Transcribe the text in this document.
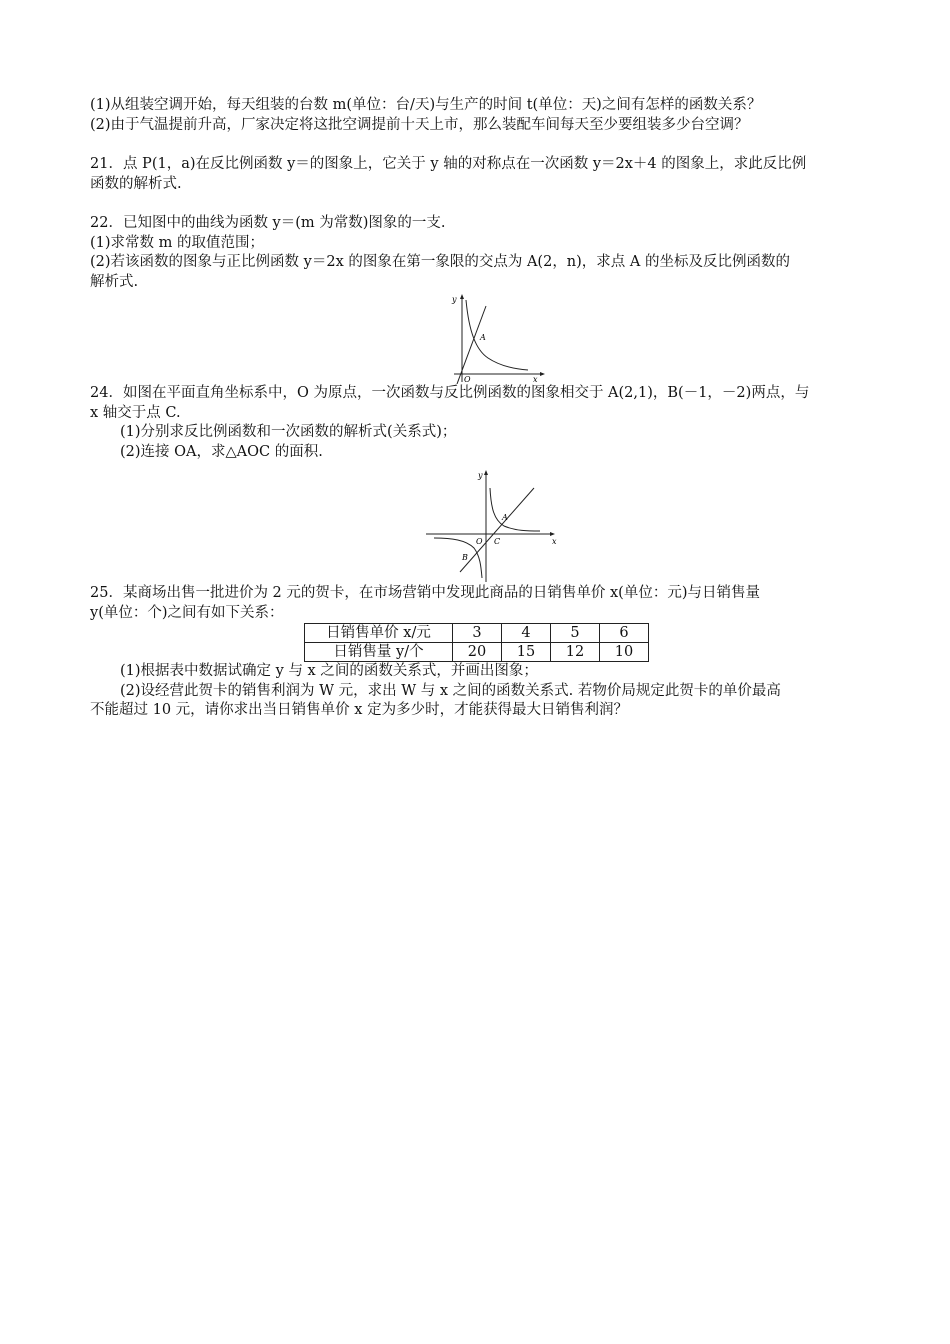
(1)从组装空调开始，每天组装的台数 m(单位：台/天)与生产的时间 t(单位：天)之间有怎样的函数关系？

(2)由于气温提前升高，厂家决定将这批空调提前十天上市，那么装配车间每天至少要组装多少台空调？

21．点 P(1，a)在反比例函数 y＝的图象上，它关于 y 轴的对称点在一次函数 y＝2x＋4 的图象上，求此反比例

函数的解析式.

22．已知图中的曲线为函数 y＝(m 为常数)图象的一支.

(1)求常数 m 的取值范围；

(2)若该函数的图象与正比例函数 y＝2x 的图象在第一象限的交点为 A(2，n)，求点 A 的坐标及反比例函数的

解析式.

y
x
O
A

24．如图在平面直角坐标系中，O 为原点，一次函数与反比例函数的图象相交于 A(2,1)，B(－1，－2)两点，与

x 轴交于点 C.

(1)分别求反比例函数和一次函数的解析式(关系式)；

(2)连接 OA，求△AOC 的面积.

y
x
O
A
B
C

25．某商场出售一批进价为 2 元的贺卡，在市场营销中发现此商品的日销售单价 x(单位：元)与日销售量

y(单位：个)之间有如下关系：

日销售单价 x/元	3	4	5	6
日销售量 y/个	20	15	12	10

(1)根据表中数据试确定 y 与 x 之间的函数关系式，并画出图象；

(2)设经营此贺卡的销售利润为 W 元，求出 W 与 x 之间的函数关系式. 若物价局规定此贺卡的单价最高

不能超过 10 元，请你求出当日销售单价 x 定为多少时，才能获得最大日销售利润？
